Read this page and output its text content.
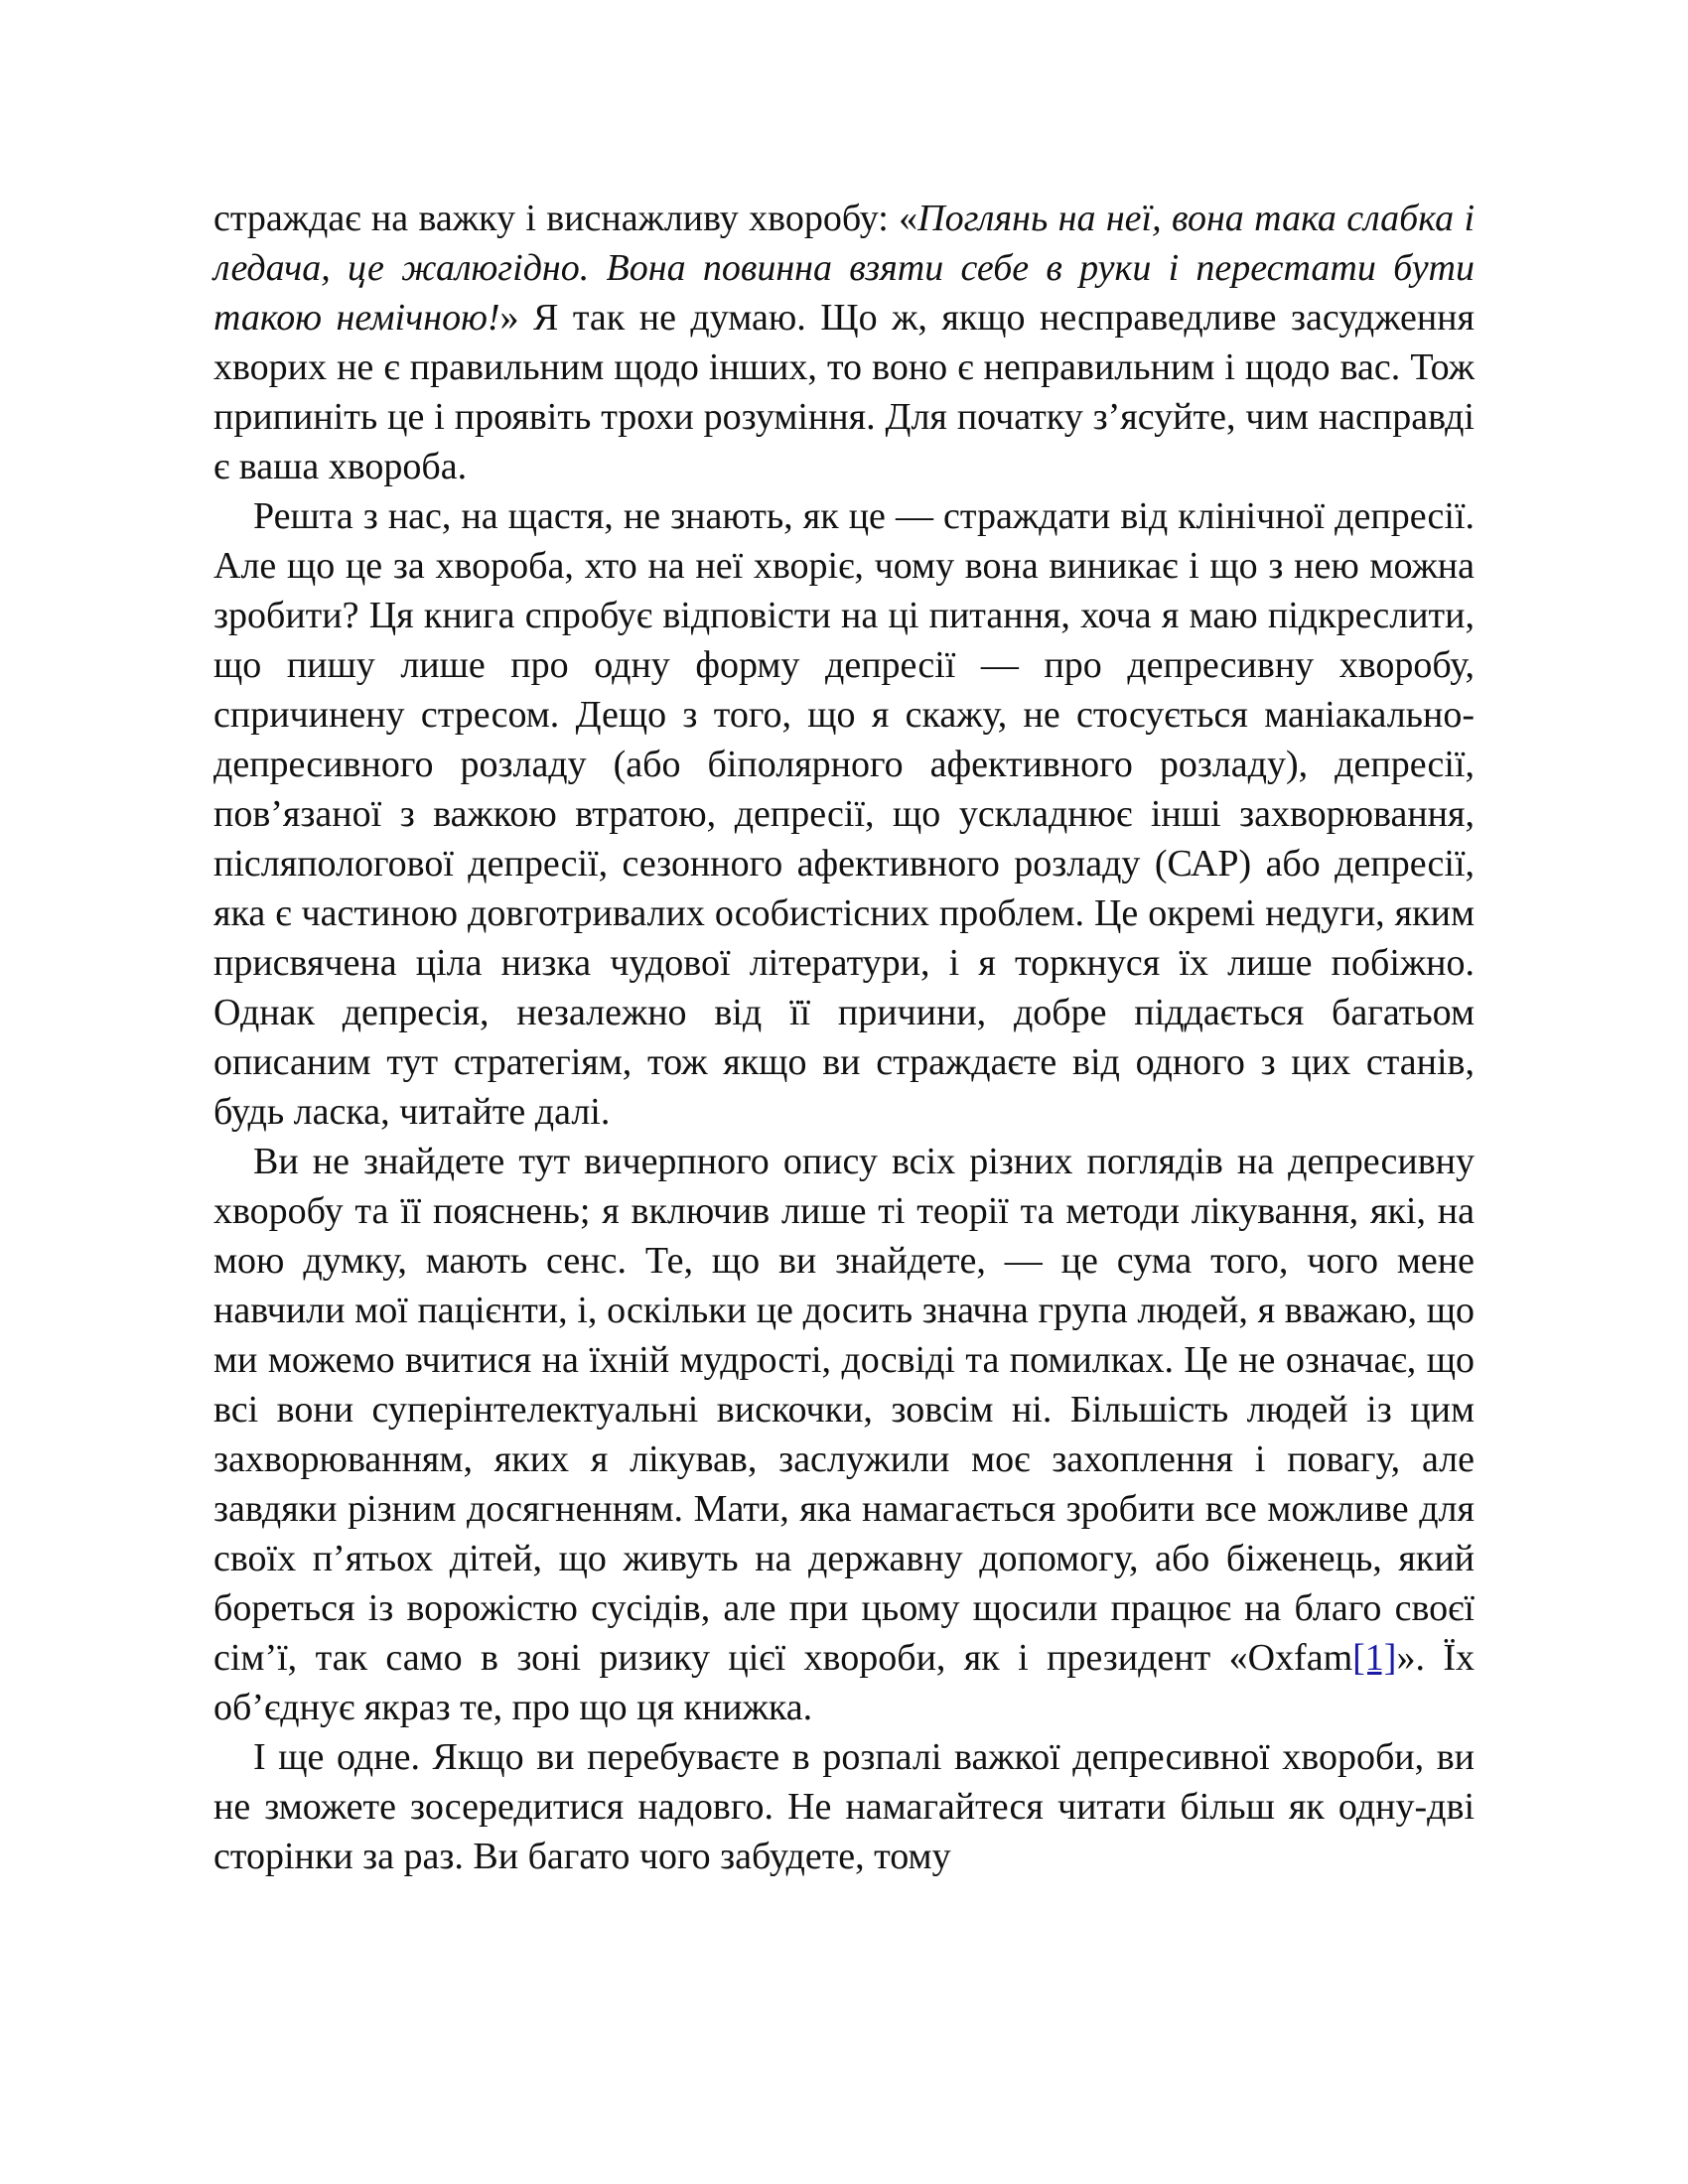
страждає на важку і виснажливу хворобу: «Поглянь на неї, вона така слабка і ледача, це жалюгідно. Вона повинна взяти себе в руки і перестати бути такою немічною!» Я так не думаю. Що ж, якщо несправедливе засудження хворих не є правильним щодо інших, то воно є неправильним і щодо вас. Тож припиніть це і проявіть трохи розуміння. Для початку з’ясуйте, чим насправді є ваша хвороба.

Решта з нас, на щастя, не знають, як це — страждати від клінічної депресії. Але що це за хвороба, хто на неї хворіє, чому вона виникає і що з нею можна зробити? Ця книга спробує відповісти на ці питання, хоча я маю підкреслити, що пишу лише про одну форму депресії — про депресивну хворобу, спричинену стресом. Дещо з того, що я скажу, не стосується маніакально-депресивного розладу (або біполярного афективного розладу), депресії, пов’язаної з важкою втратою, депресії, що ускладнює інші захворювання, післяпологової депресії, сезонного афективного розладу (САР) або депресії, яка є частиною довготривалих особистісних проблем. Це окремі недуги, яким присвячена ціла низка чудової літератури, і я торкнуся їх лише побіжно. Однак депресія, незалежно від її причини, добре піддається багатьом описаним тут стратегіям, тож якщо ви страждаєте від одного з цих станів, будь ласка, читайте далі.

Ви не знайдете тут вичерпного опису всіх різних поглядів на депресивну хворобу та її пояснень; я включив лише ті теорії та методи лікування, які, на мою думку, мають сенс. Те, що ви знайдете, — це сума того, чого мене навчили мої пацієнти, і, оскільки це досить значна група людей, я вважаю, що ми можемо вчитися на їхній мудрості, досвіді та помилках. Це не означає, що всі вони суперінтелектуальні вискочки, зовсім ні. Більшість людей із цим захворюванням, яких я лікував, заслужили моє захоплення і повагу, але завдяки різним досягненням. Мати, яка намагається зробити все можливе для своїх п’ятьох дітей, що живуть на державну допомогу, або біженець, який бореться із ворожістю сусідів, але при цьому щосили працює на благо своєї сім’ї, так само в зоні ризику цієї хвороби, як і президент «Oxfam[1]». Їх об’єднує якраз те, про що ця книжка.

І ще одне. Якщо ви перебуваєте в розпалі важкої депресивної хвороби, ви не зможете зосередитися надовго. Не намагайтеся читати більш як одну-дві сторінки за раз. Ви багато чого забудете, тому
